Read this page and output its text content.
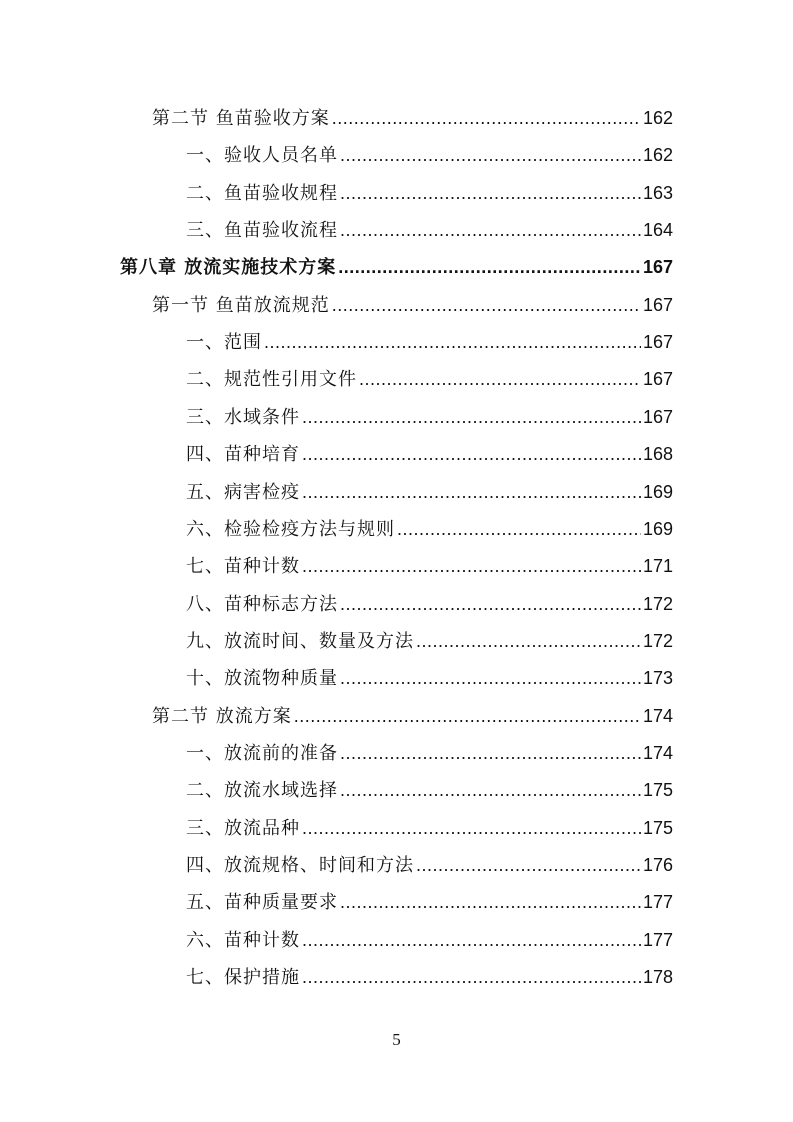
第二节 鱼苗验收方案 .....	162
一、验收人员名单 .....	162
二、鱼苗验收规程 .....	163
三、鱼苗验收流程 .....	164
第八章 放流实施技术方案 .....	167
第一节 鱼苗放流规范 .....	167
一、范围 .....	167
二、规范性引用文件 .....	167
三、水域条件 .....	167
四、苗种培育 .....	168
五、病害检疫 .....	169
六、检验检疫方法与规则 .....	169
七、苗种计数 .....	171
八、苗种标志方法 .....	172
九、放流时间、数量及方法 .....	172
十、放流物种质量 .....	173
第二节 放流方案 .....	174
一、放流前的准备 .....	174
二、放流水域选择 .....	175
三、放流品种 .....	175
四、放流规格、时间和方法 .....	176
五、苗种质量要求 .....	177
六、苗种计数 .....	177
七、保护措施 .....	178
5
